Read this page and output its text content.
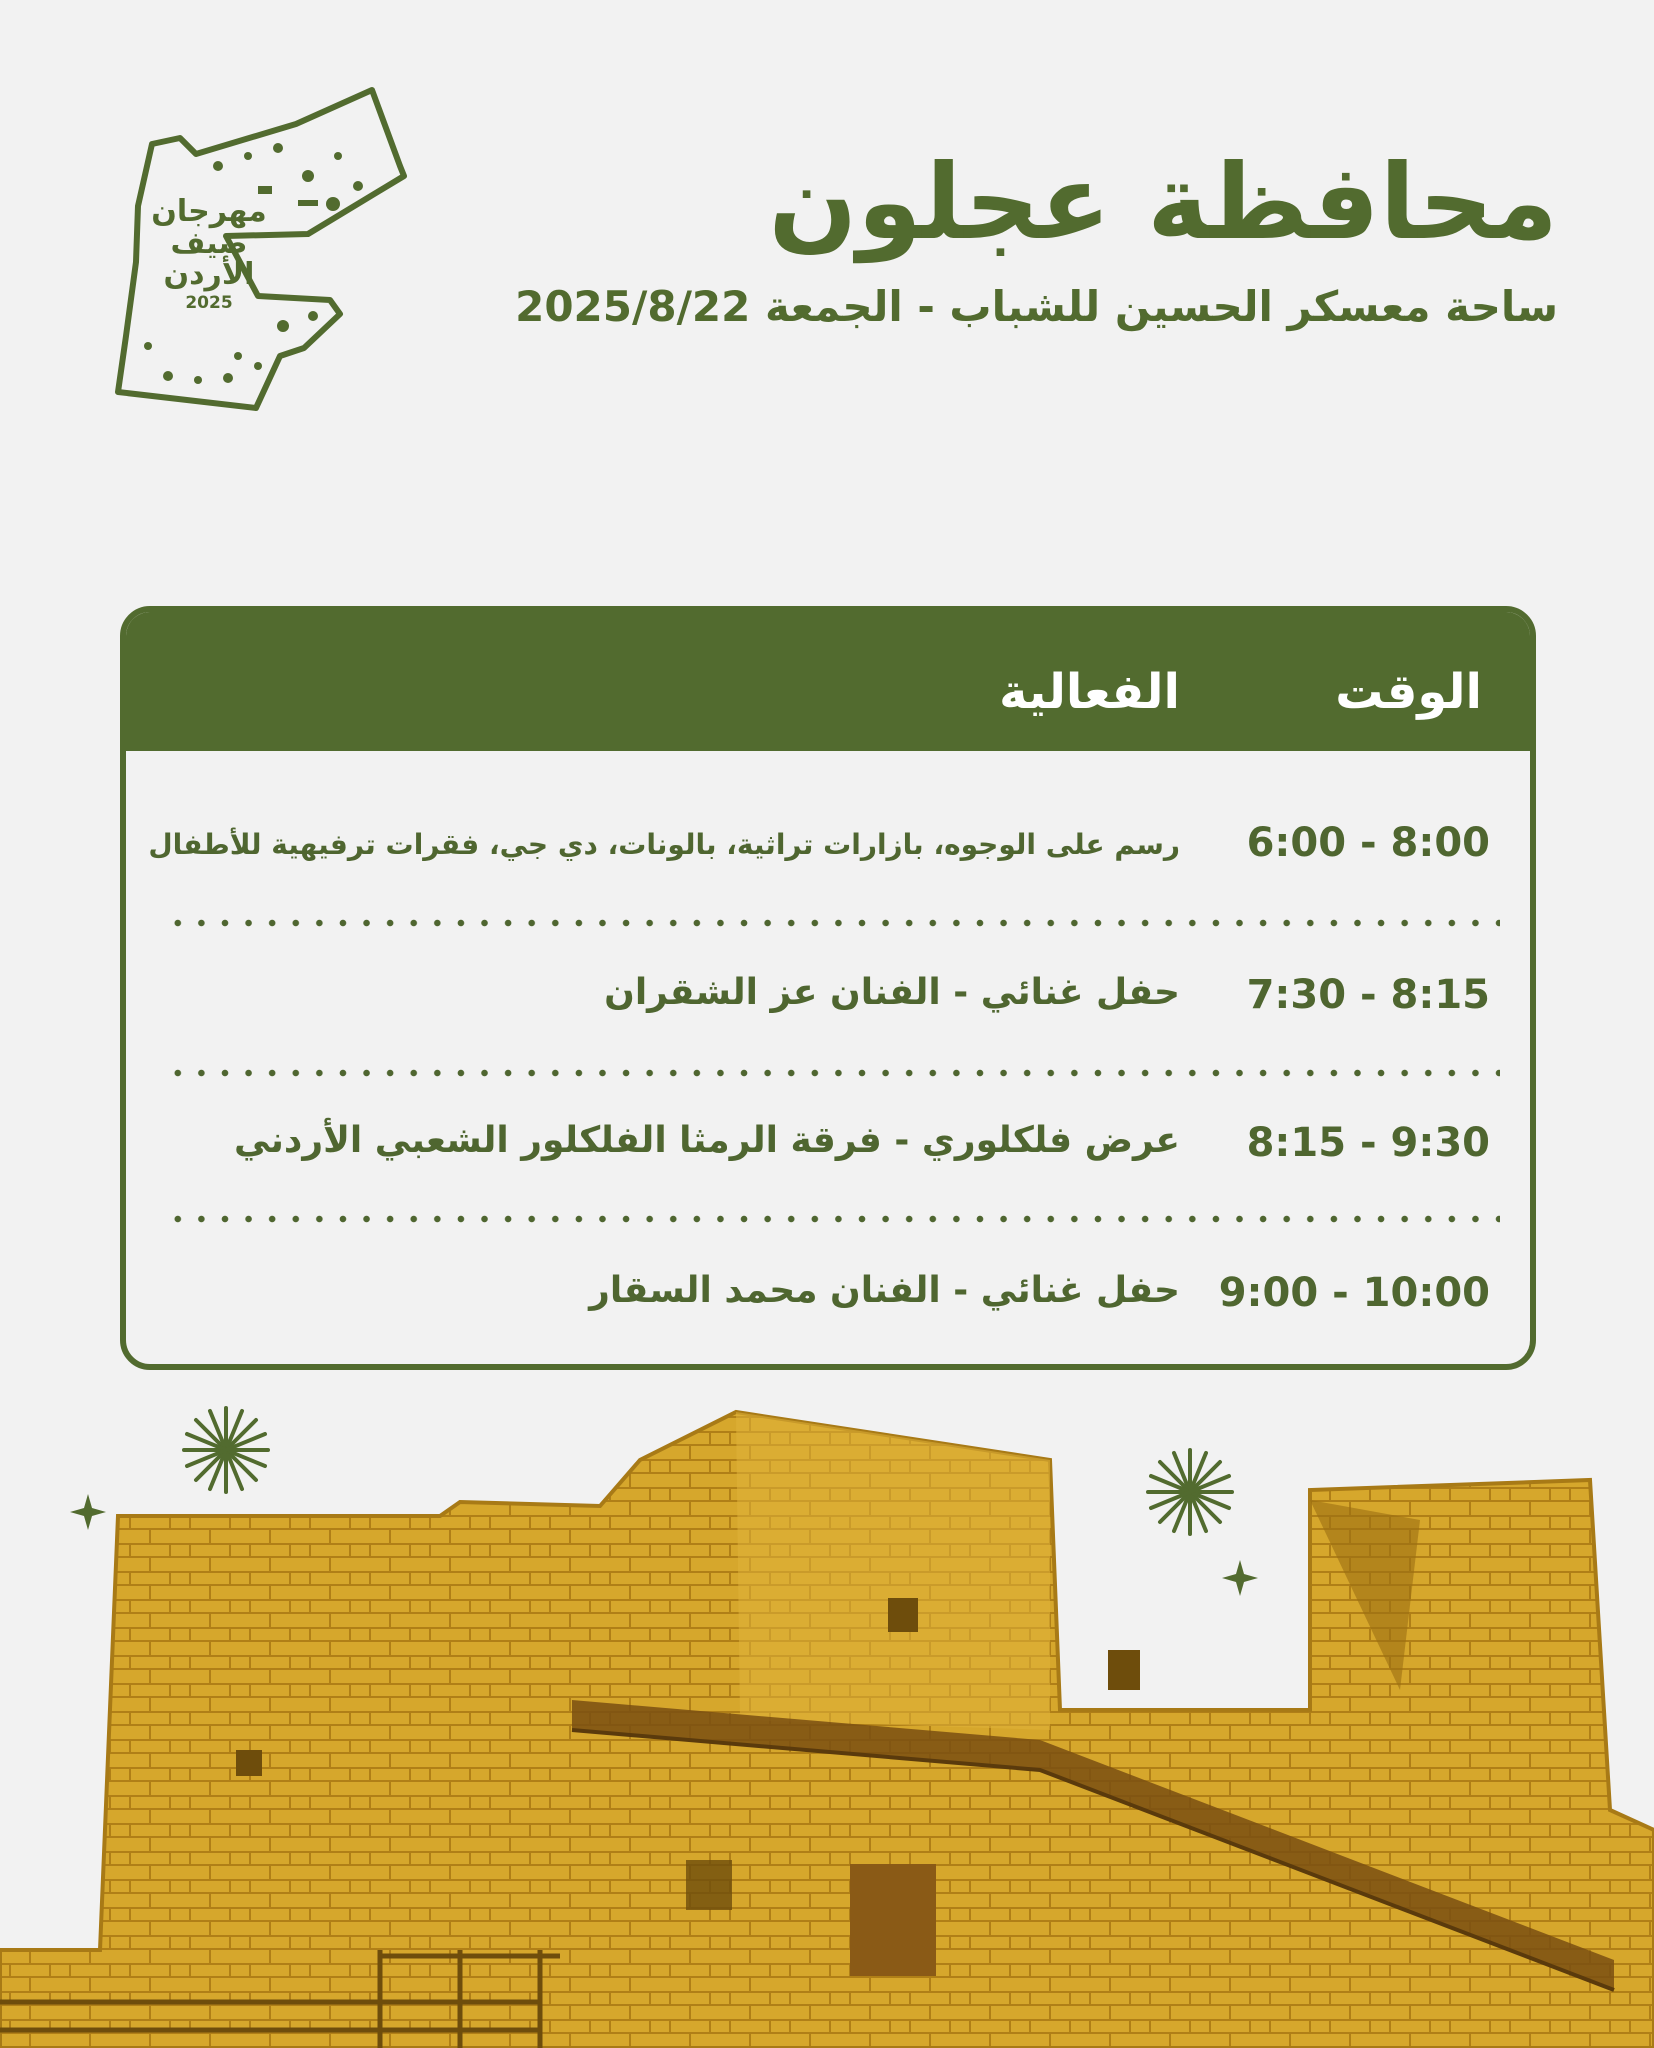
مهرجان
صيف
الأردن
2025
محافظة عجلون
ساحة معسكر الحسين للشباب - الجمعة 2025/8/22
الوقت
الفعالية
6:00 - 8:00
رسم على الوجوه، بازارات تراثية، بالونات، دي جي، فقرات ترفيهية للأطفال
7:30 - 8:15
حفل غنائي - الفنان عز الشقران
8:15 - 9:30
عرض فلكلوري - فرقة الرمثا الفلكلور الشعبي الأردني
9:00 - 10:00
حفل غنائي - الفنان محمد السقار
